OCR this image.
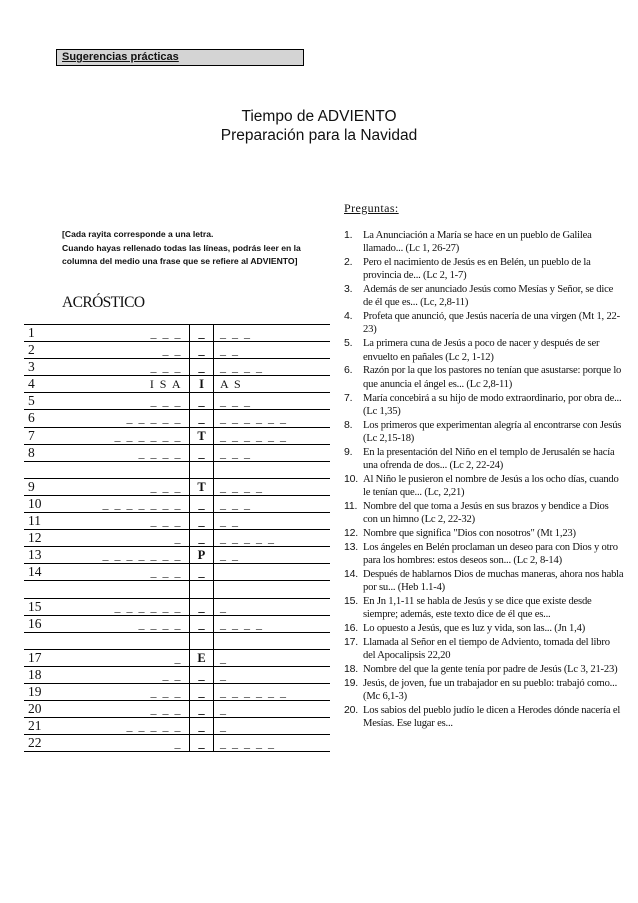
Sugerencias prácticas
Tiempo de ADVIENTO
Preparación para la Navidad
[Cada rayita corresponde a una letra.
Cuando hayas rellenado todas las líneas, podrás leer en la
columna del medio una frase que se refiere al ADVIENTO]
ACRÓSTICO
1	_ _ _	_	_ _ _
2	_ _	_	_ _
3	_ _ _	_	_ _ _ _
4	I S A	I	A S
5	_ _ _	_	_ _ _
6	_ _ _ _ _	_	_ _ _ _ _ _
7	_ _ _ _ _ _	T	_ _ _ _ _ _
8	_ _ _ _	_	_ _ _
9	_ _ _	T	_ _ _ _
10	_ _ _ _ _ _ _	_	_ _ _
11	_ _ _	_	_ _
12	_	_	_ _ _ _ _
13	_ _ _ _ _ _ _	P	_ _
14	_ _ _	_
15	_ _ _ _ _ _	_	_
16	_ _ _ _	_	_ _ _ _
17	_	E	_
18	_ _	_	_
19	_ _ _	_	_ _ _ _ _ _
20	_ _ _	_	_
21	_ _ _ _ _	_	_
22	_	_	_ _ _ _ _
Preguntas:
1. La Anunciación a María se hace en un pueblo de Galilea llamado... (Lc 1, 26-27)
2. Pero el nacimiento de Jesús es en Belén, un pueblo de la provincia de... (Lc 2, 1-7)
3. Además de ser anunciado Jesús como Mesías y Señor, se dice de él que es... (Lc, 2,8-11)
4. Profeta que anunció, que Jesús nacería de una virgen (Mt 1, 22-23)
5. La primera cuna de Jesús a poco de nacer y después de ser envuelto en pañales (Lc 2, 1-12)
6. Razón por la que los pastores no tenían que asustarse: porque lo que anuncia el ángel es... (Lc 2,8-11)
7. María concebirá a su hijo de modo extraordinario, por obra de... (Lc 1,35)
8. Los primeros que experimentan alegría al encontrarse con Jesús (Lc 2,15-18)
9. En la presentación del Niño en el templo de Jerusalén se hacía una ofrenda de dos... (Lc 2, 22-24)
10. Al Niño le pusieron el nombre de Jesús a los ocho días, cuando le tenían que... (Lc, 2,21)
11. Nombre del que toma a Jesús en sus brazos y bendice a Dios con un himno (Lc 2, 22-32)
12. Nombre que significa "Dios con nosotros" (Mt 1,23)
13. Los ángeles en Belén proclaman un deseo para con Dios y otro para los hombres: estos deseos son... (Lc 2, 8-14)
14. Después de hablarnos Dios de muchas maneras, ahora nos habla por su... (Heb 1.1-4)
15. En Jn 1,1-11 se habla de Jesús y se dice que existe desde siempre; además, este texto dice de él que es...
16. Lo opuesto a Jesús, que es luz y vida, son las... (Jn 1,4)
17. Llamada al Señor en el tiempo de Adviento, tomada del libro del Apocalipsis 22,20
18. Nombre del que la gente tenía por padre de Jesús (Lc 3, 21-23)
19. Jesús, de joven, fue un trabajador en su pueblo: trabajó como... (Mc 6,1-3)
20. Los sabios del pueblo judío le dicen a Herodes dónde nacería el Mesías. Ese lugar es...
